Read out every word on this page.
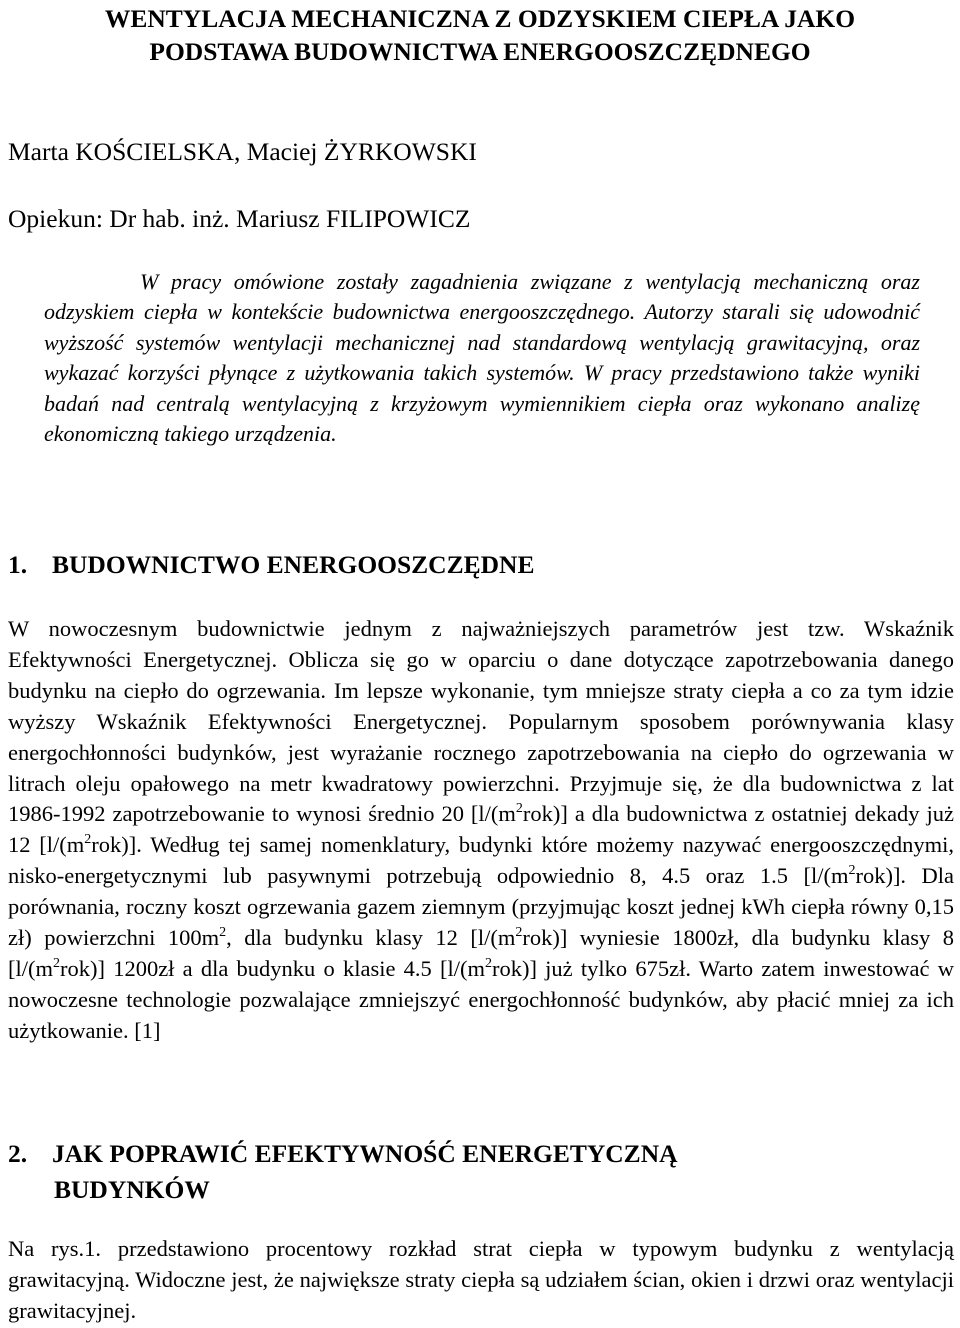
WENTYLACJA MECHANICZNA Z ODZYSKIEM CIEPŁA JAKO
PODSTAWA BUDOWNICTWA ENERGOOSZCZĘDNEGO
Marta KOŚCIELSKA, Maciej ŻYRKOWSKI
Opiekun: Dr hab. inż. Mariusz FILIPOWICZ

W pracy omówione zostały zagadnienia związane z wentylacją mechaniczną oraz odzyskiem ciepła w kontekście budownictwa energooszczędnego. Autorzy starali się udowodnić wyższość systemów wentylacji mechanicznej nad standardową wentylacją grawitacyjną, oraz wykazać korzyści płynące z użytkowania takich systemów. W pracy przedstawiono także wyniki badań nad centralą wentylacyjną z krzyżowym wymiennikiem ciepła oraz wykonano analizę ekonomiczną takiego urządzenia.

1. BUDOWNICTWO ENERGOOSZCZĘDNE

W nowoczesnym budownictwie jednym z najważniejszych parametrów jest tzw. Wskaźnik Efektywności Energetycznej. Oblicza się go w oparciu o dane dotyczące zapotrzebowania danego budynku na ciepło do ogrzewania. Im lepsze wykonanie, tym mniejsze straty ciepła a co za tym idzie wyższy Wskaźnik Efektywności Energetycznej. Popularnym sposobem porównywania klasy energochłonności budynków, jest wyrażanie rocznego zapotrzebowania na ciepło do ogrzewania w litrach oleju opałowego na metr kwadratowy powierzchni. Przyjmuje się, że dla budownictwa z lat 1986-1992 zapotrzebowanie to wynosi średnio 20 $[l/(m^2rok)]$ a dla budownictwa z ostatniej dekady już 12 $[l/(m^2rok)]$. Według tej samej nomenklatury, budynki które możemy nazywać energooszczędnymi, nisko-energetycznymi lub pasywnymi potrzebują odpowiednio 8, 4.5 oraz 1.5 $[l/(m^2rok)]$. Dla porównania, roczny koszt ogrzewania gazem ziemnym (przyjmując koszt jednej kWh ciepła równy 0,15 zł) powierzchni $100m^2$, dla budynku klasy 12 $[l/(m^2rok)]$ wyniesie 1800zł, dla budynku klasy 8 $[l/(m^2rok)]$ 1200zł a dla budynku o klasie 4.5 $[l/(m^2rok)]$ już tylko 675zł. Warto zatem inwestować w nowoczesne technologie pozwalające zmniejszyć energochłonność budynków, aby płacić mniej za ich użytkowanie. [1]

2. JAK POPRAWIĆ EFEKTYWNOŚĆ ENERGETYCZNĄ
BUDYNKÓW

Na rys.1. przedstawiono procentowy rozkład strat ciepła w typowym budynku z wentylacją grawitacyjną. Widoczne jest, że największe straty ciepła są udziałem ścian, okien i drzwi oraz wentylacji grawitacyjnej.
